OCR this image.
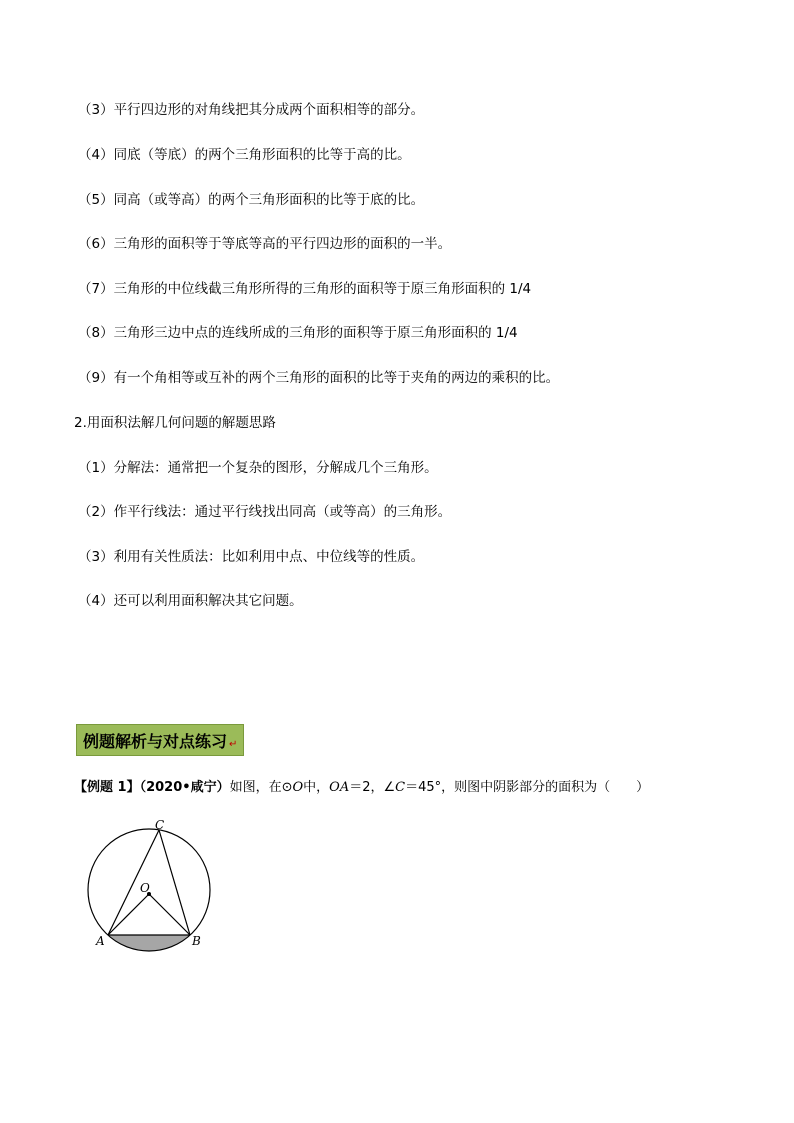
（3）平行四边形的对角线把其分成两个面积相等的部分。
（4）同底（等底）的两个三角形面积的比等于高的比。
（5）同高（或等高）的两个三角形面积的比等于底的比。
（6）三角形的面积等于等底等高的平行四边形的面积的一半。
（7）三角形的中位线截三角形所得的三角形的面积等于原三角形面积的 1/4
（8）三角形三边中点的连线所成的三角形的面积等于原三角形面积的 1/4
（9）有一个角相等或互补的两个三角形的面积的比等于夹角的两边的乘积的比。
2.用面积法解几何问题的解题思路
（1）分解法：通常把一个复杂的图形，分解成几个三角形。
（2）作平行线法：通过平行线找出同高（或等高）的三角形。
（3）利用有关性质法：比如利用中点、中位线等的性质。
（4）还可以利用面积解决其它问题。
例题解析与对点练习 ↵
【例题 1】（2020•咸宁）如图，在⊙O中，OA＝2，∠C＝45°，则图中阴影部分的面积为（　　）
C
O
A	B
